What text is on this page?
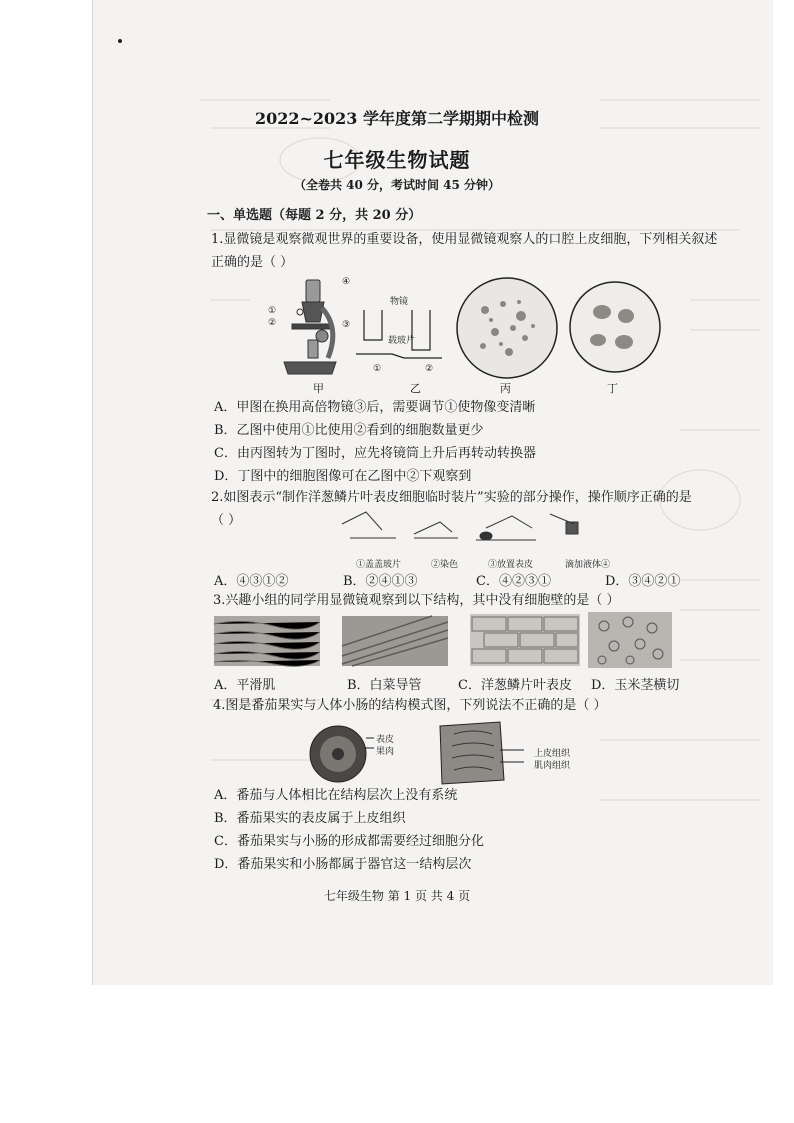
2022~2023 学年度第二学期期中检测
七年级生物试题
（全卷共 40 分，考试时间 45 分钟）
一、单选题（每题 2 分，共 20 分）
1.显微镜是观察微观世界的重要设备，使用显微镜观察人的口腔上皮细胞，下列相关叙述
正确的是（ ）
④
①
②	③
甲
物镜
载玻片
①	②
乙	丙	丁
A．甲图在换用高倍物镜③后，需要调节①使物像变清晰
B．乙图中使用①比使用②看到的细胞数量更少
C．由丙图转为丁图时，应先将镜筒上升后再转动转换器
D．丁图中的细胞图像可在乙图中②下观察到
2.如图表示“制作洋葱鳞片叶表皮细胞临时装片”实验的部分操作，操作顺序正确的是
（ ）
①盖盖玻片	②染色	③放置表皮	滴加液体④
A．④③①②	B．②④①③	C．④②③①	D．③④②①
3.兴趣小组的同学用显微镜观察到以下结构，其中没有细胞壁的是（ ）
A．平滑肌	B．白菜导管	C．洋葱鳞片叶表皮 D．玉米茎横切
4.图是番茄果实与人体小肠的结构模式图，下列说法不正确的是（ ）
表皮
果肉	上皮组织
肌肉组织
A．番茄与人体相比在结构层次上没有系统
B．番茄果实的表皮属于上皮组织
C．番茄果实与小肠的形成都需要经过细胞分化
D．番茄果实和小肠都属于器官这一结构层次
七年级生物 第 1 页 共 4 页
